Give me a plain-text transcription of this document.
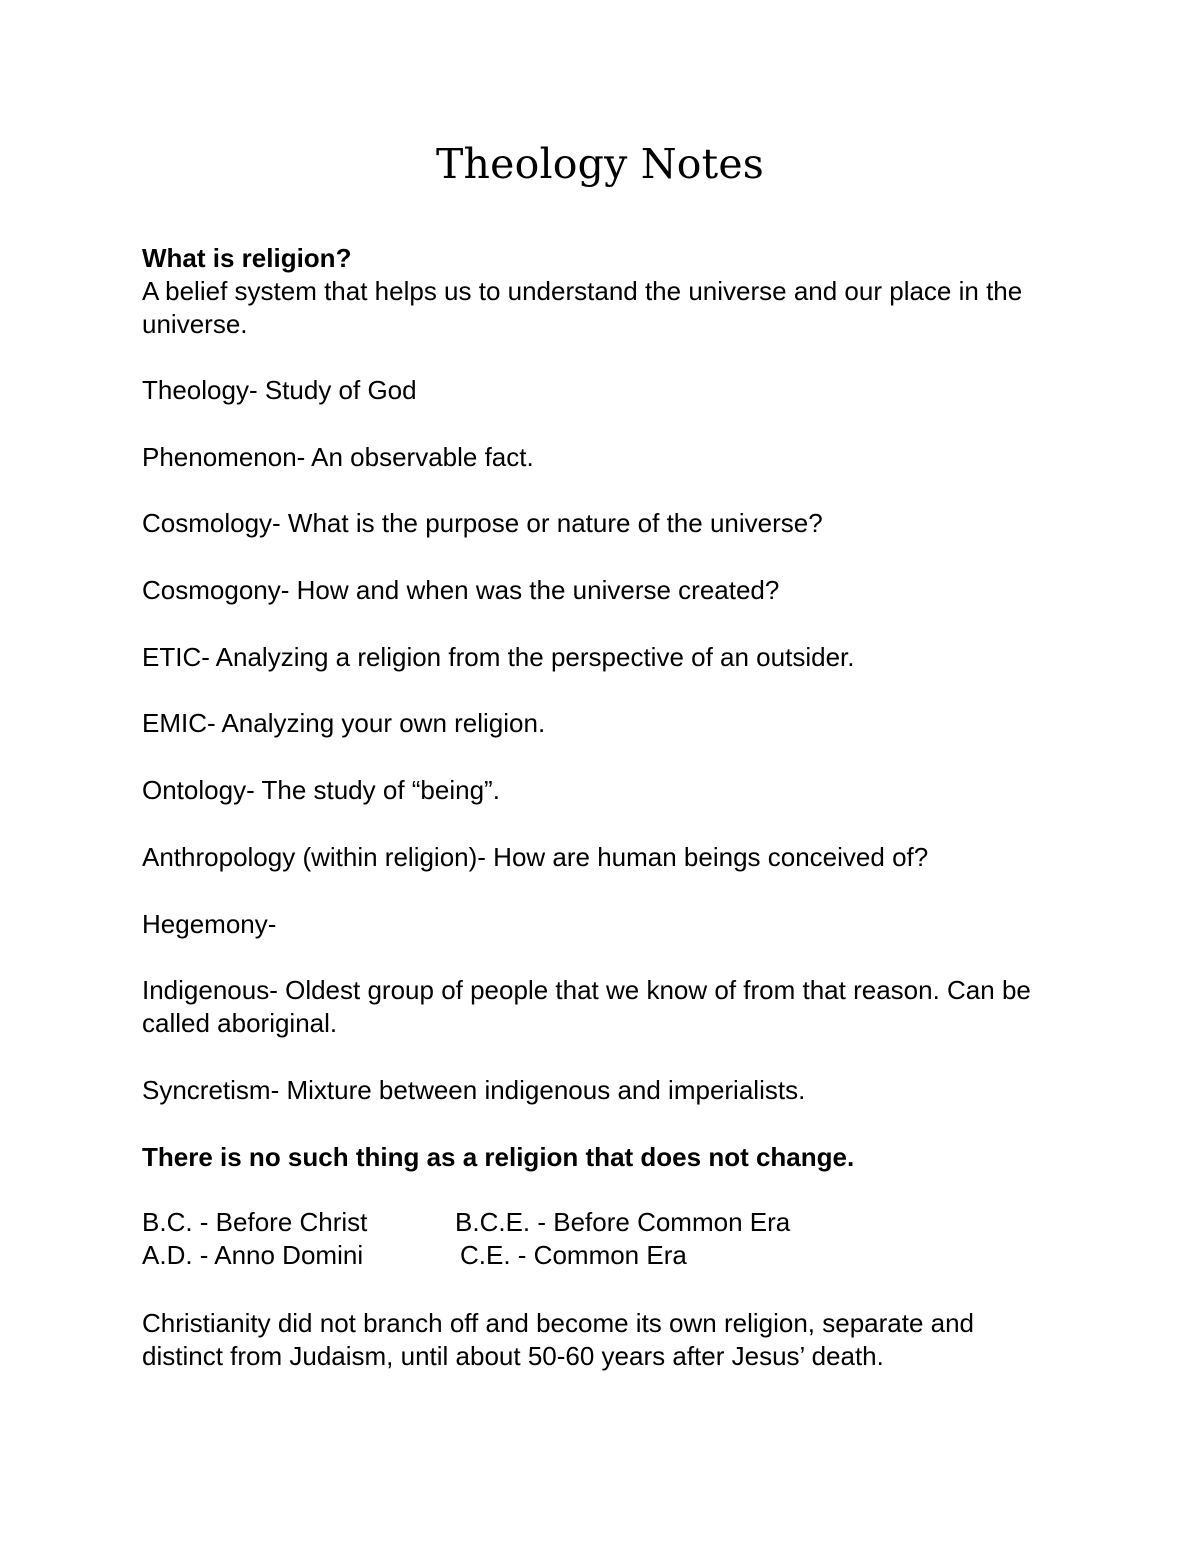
Theology Notes

What is religion?

A belief system that helps us to understand the universe and our place in the universe.

Theology- Study of God

Phenomenon- An observable fact.

Cosmology- What is the purpose or nature of the universe?

Cosmogony- How and when was the universe created?

ETIC- Analyzing a religion from the perspective of an outsider.

EMIC- Analyzing your own religion.

Ontology- The study of “being”.

Anthropology (within religion)- How are human beings conceived of?

Hegemony-

Indigenous- Oldest group of people that we know of from that reason. Can be called aboriginal.

Syncretism- Mixture between indigenous and imperialists.

There is no such thing as a religion that does not change.

B.C. - Before Christ	B.C.E. - Before Common Era
A.D. - Anno Domini	C.E. - Common Era

Christianity did not branch off and become its own religion, separate and distinct from Judaism, until about 50-60 years after Jesus’ death.
